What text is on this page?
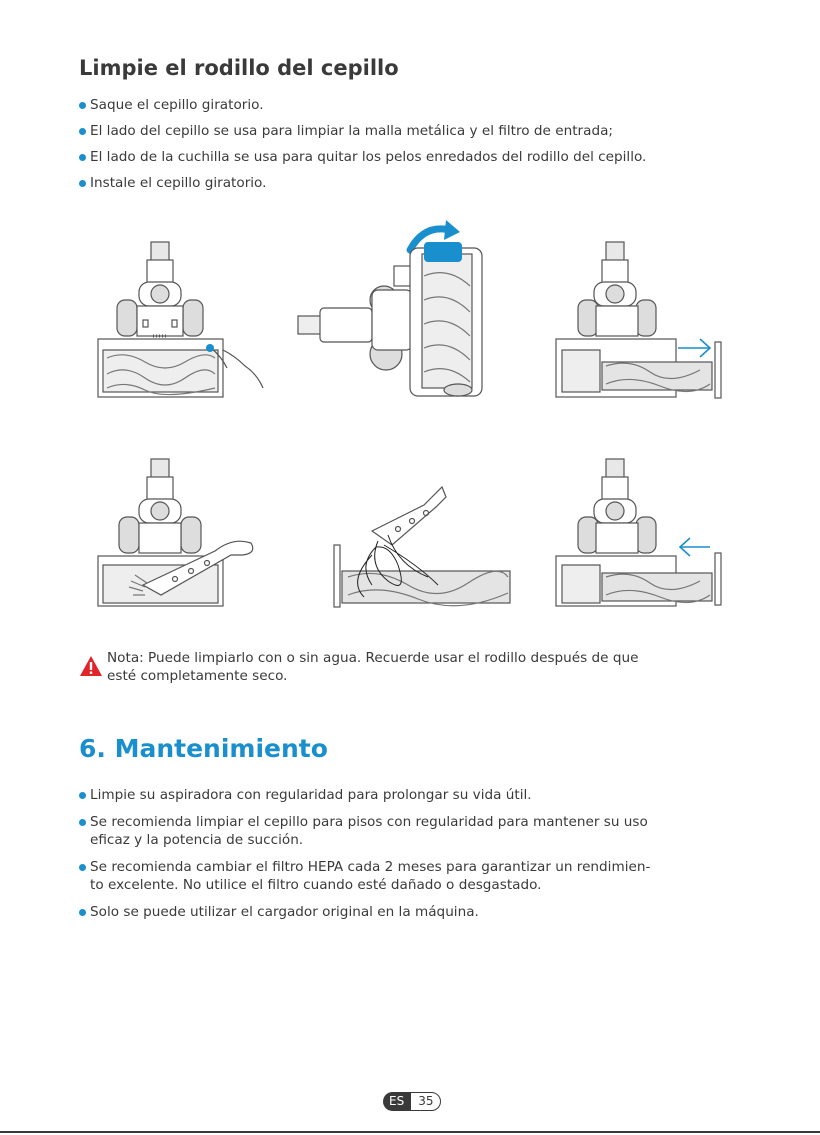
Limpie el rodillo del cepillo
Saque el cepillo giratorio.
El lado del cepillo se usa para limpiar la malla metálica y el filtro de entrada;
El lado de la cuchilla se usa para quitar los pelos enredados del rodillo del cepillo.
Instale el cepillo giratorio.
Nota: Puede limpiarlo con o sin agua. Recuerde usar el rodillo después de que
esté completamente seco.
6. Mantenimiento
Limpie su aspiradora con regularidad para prolongar su vida útil.
Se recomienda limpiar el cepillo para pisos con regularidad para mantener su uso
eficaz y la potencia de succión.
Se recomienda cambiar el filtro HEPA cada 2 meses para garantizar un rendimien-
to excelente. No utilice el filtro cuando esté dañado o desgastado.
Solo se puede utilizar el cargador original en la máquina.
ES	35
